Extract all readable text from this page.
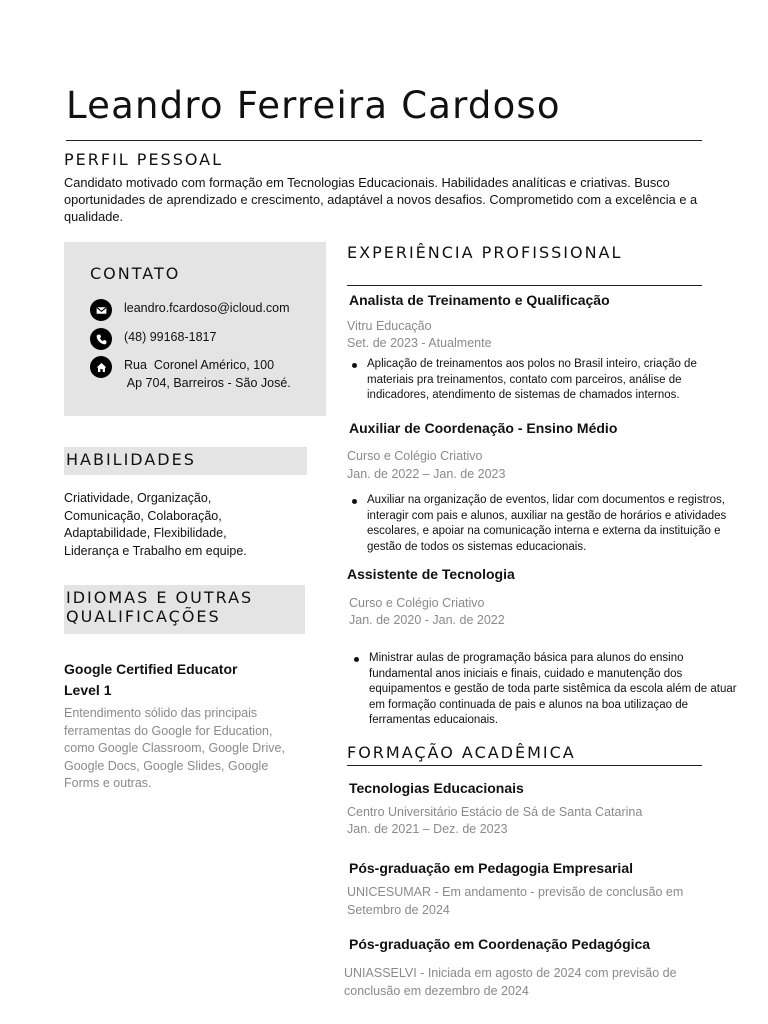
Leandro Ferreira Cardoso
PERFIL PESSOAL
Candidato motivado com formação em Tecnologias Educacionais. Habilidades analíticas e criativas. Busco oportunidades de aprendizado e crescimento, adaptável a novos desafios. Comprometido com a excelência e a qualidade.
CONTATO
leandro.fcardoso@icloud.com
(48) 99168-1817
Rua  Coronel Américo, 100
Ap 704, Barreiros - São José.
HABILIDADES
Criatividade, Organização,
Comunicação, Colaboração,
Adaptabilidade, Flexibilidade,
Liderança e Trabalho em equipe.
IDIOMAS E OUTRAS
QUALIFICAÇÕES
Google Certified Educator
Level 1
Entendimento sólido das principais ferramentas do Google for Education, como Google Classroom, Google Drive, Google Docs, Google Slides, Google Forms e outras.
EXPERIÊNCIA PROFISSIONAL
Analista de Treinamento e Qualificação
Vitru Educação
Set. de 2023 - Atualmente
Aplicação de treinamentos aos polos no Brasil inteiro, criação de materiais pra treinamentos, contato com parceiros, análise de indicadores, atendimento de sistemas de chamados internos.
Auxiliar de Coordenação - Ensino Médio
Curso e Colégio Criativo
Jan. de 2022 – Jan. de 2023
Auxiliar na organização de eventos, lidar com documentos e registros, interagir com pais e alunos, auxiliar na gestão de horários e atividades escolares, e apoiar na comunicação interna e externa da instituição e gestão de todos os sistemas educacionais.
Assistente de Tecnologia
Curso e Colégio Criativo
Jan. de 2020 - Jan. de 2022
Ministrar aulas de programação básica para alunos do ensino fundamental anos iniciais e finais, cuidado e manutenção dos equipamentos e gestão de toda parte sistêmica da escola além de atuar em formação continuada de pais e alunos na boa utilizaçao de ferramentas educaionais.
FORMAÇÃO ACADÊMICA
Tecnologias Educacionais
Centro Universitário Estácio de Sá de Santa Catarina
Jan. de 2021 – Dez. de 2023
Pós-graduação em Pedagogia Empresarial
UNICESUMAR - Em andamento - previsão de conclusão em Setembro de 2024
Pós-graduação em Coordenação Pedagógica
UNIASSELVI - Iniciada em agosto de 2024 com previsão de conclusão em dezembro de 2024
